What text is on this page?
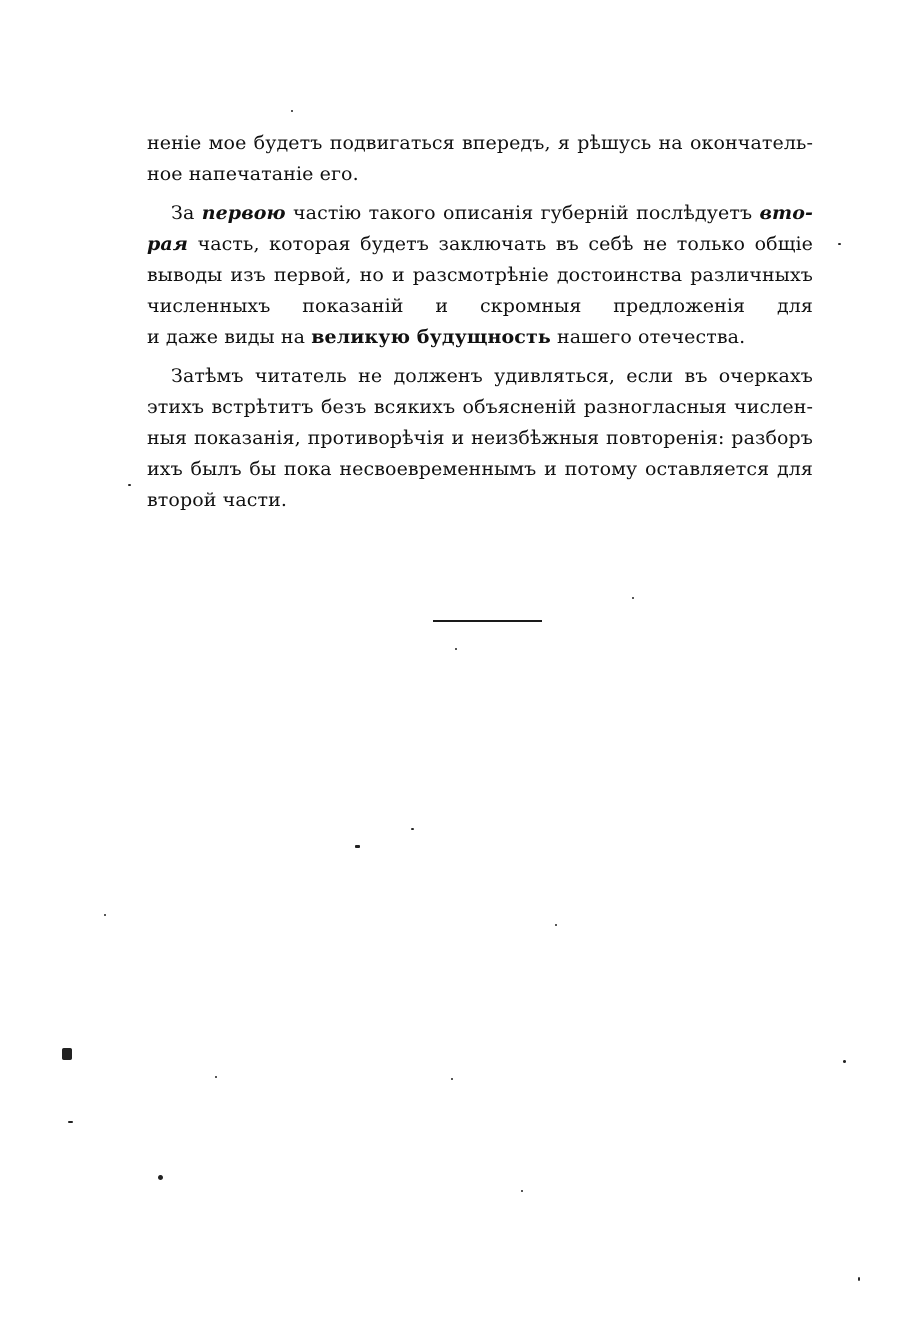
неніе мое будетъ подвигаться впередъ, я рѣшусь на окончатель-
ное напечатаніе его.
За первою частію такого описанія губерній послѣдуетъ вто-
рая часть, которая будетъ заключать въ себѣ не только общіе
выводы изъ первой, но и разсмотрѣніе достоинства различныхъ
численныхъ показаній и скромныя предложенія для
и даже виды на великую будущность нашего отечества.
Затѣмъ читатель не долженъ удивляться, если въ очеркахъ
этихъ встрѣтитъ безъ всякихъ объясненій разногласныя числен-
ныя показанія, противорѣчія и неизбѣжныя повторенія: разборъ
ихъ былъ бы пока несвоевременнымъ и потому оставляется для
второй части.
